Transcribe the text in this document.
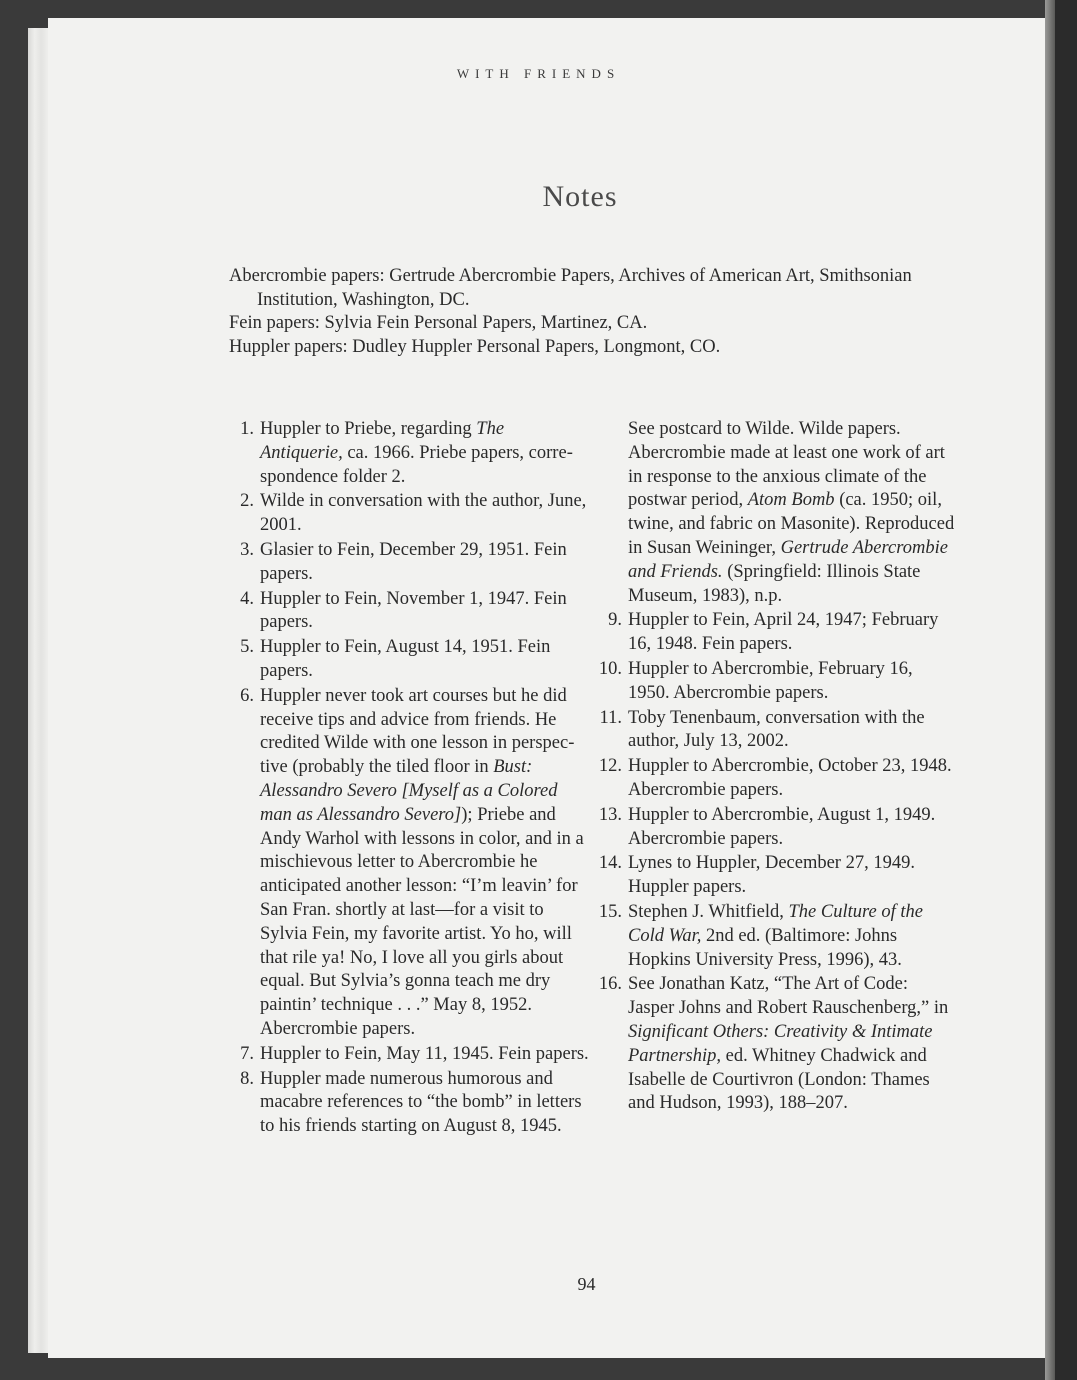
WITH FRIENDS
Notes
Abercrombie papers: Gertrude Abercrombie Papers, Archives of American Art, Smithsonian Institution, Washington, DC.
Fein papers: Sylvia Fein Personal Papers, Martinez, CA.
Huppler papers: Dudley Huppler Personal Papers, Longmont, CO.
1. Huppler to Priebe, regarding The Antiquerie, ca. 1966. Priebe papers, correspondence folder 2.
2. Wilde in conversation with the author, June, 2001.
3. Glasier to Fein, December 29, 1951. Fein papers.
4. Huppler to Fein, November 1, 1947. Fein papers.
5. Huppler to Fein, August 14, 1951. Fein papers.
6. Huppler never took art courses but he did receive tips and advice from friends. He credited Wilde with one lesson in perspective (probably the tiled floor in Bust: Alessandro Severo [Myself as a Colored man as Alessandro Severo]); Priebe and Andy Warhol with lessons in color, and in a mischievous letter to Abercrombie he anticipated another lesson: “I’m leavin’ for San Fran. shortly at last—for a visit to Sylvia Fein, my favorite artist. Yo ho, will that rile ya! No, I love all you girls about equal. But Sylvia’s gonna teach me dry paintin’ technique . . .” May 8, 1952. Abercrombie papers.
7. Huppler to Fein, May 11, 1945. Fein papers.
8. Huppler made numerous humorous and macabre references to “the bomb” in letters to his friends starting on August 8, 1945.
See postcard to Wilde. Wilde papers. Abercrombie made at least one work of art in response to the anxious climate of the postwar period, Atom Bomb (ca. 1950; oil, twine, and fabric on Masonite). Reproduced in Susan Weininger, Gertrude Abercrombie and Friends. (Springfield: Illinois State Museum, 1983), n.p.
9. Huppler to Fein, April 24, 1947; February 16, 1948. Fein papers.
10. Huppler to Abercrombie, February 16, 1950. Abercrombie papers.
11. Toby Tenenbaum, conversation with the author, July 13, 2002.
12. Huppler to Abercrombie, October 23, 1948. Abercrombie papers.
13. Huppler to Abercrombie, August 1, 1949. Abercrombie papers.
14. Lynes to Huppler, December 27, 1949. Huppler papers.
15. Stephen J. Whitfield, The Culture of the Cold War, 2nd ed. (Baltimore: Johns Hopkins University Press, 1996), 43.
16. See Jonathan Katz, “The Art of Code: Jasper Johns and Robert Rauschenberg,” in Significant Others: Creativity & Intimate Partnership, ed. Whitney Chadwick and Isabelle de Courtivron (London: Thames and Hudson, 1993), 188–207.
94
